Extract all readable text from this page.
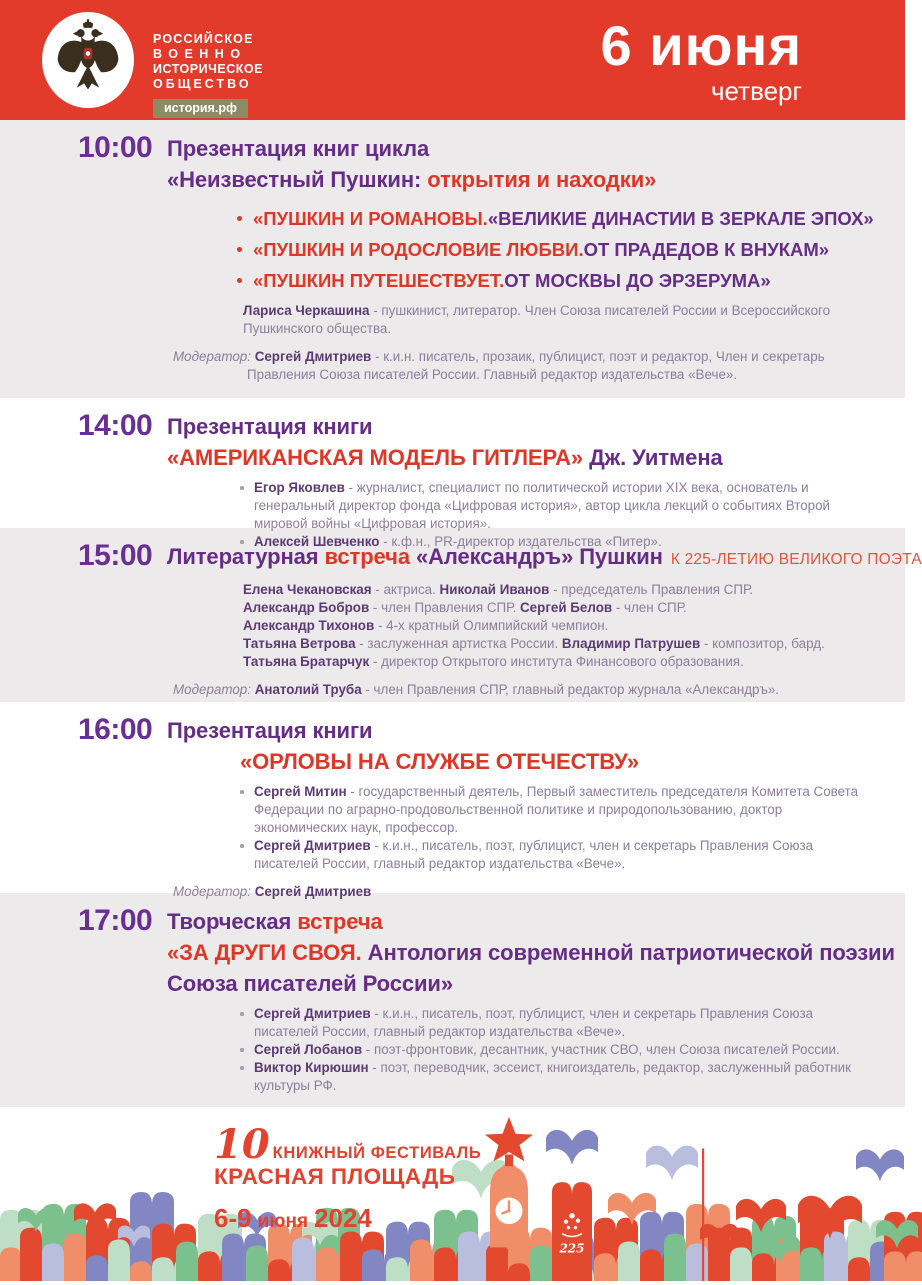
РОССИЙСКОЕ
ВОЕННО
ИСТОРИЧЕСКОЕ
ОБЩЕСТВО
история.рф
6 июня
четверг
10:00 Презентация книг цикла
«Неизвестный Пушкин: открытия и находки»
«ПУШКИН И РОМАНОВЫ. «ВЕЛИКИЕ ДИНАСТИИ В ЗЕРКАЛЕ ЭПОХ»
«ПУШКИН И РОДОСЛОВИЕ ЛЮБВИ. ОТ ПРАДЕДОВ К ВНУКАМ»
«ПУШКИН ПУТЕШЕСТВУЕТ. ОТ МОСКВЫ ДО ЭРЗЕРУМА»
Лариса Черкашина - пушкинист, литератор. Член Союза писателей России и Всероссийского Пушкинского общества.
Модератор: Сергей Дмитриев - к.и.н. писатель, прозаик, публицист, поэт и редактор, Член и секретарь Правления Союза писателей России. Главный редактор издательства «Вече».
14:00 Презентация книги
«АМЕРИКАНСКАЯ МОДЕЛЬ ГИТЛЕРА» Дж. Уитмена
Егор Яковлев - журналист, специалист по политической истории XIX века, основатель и генеральный директор фонда «Цифровая история», автор цикла лекций о событиях Второй мировой войны «Цифровая история».
Алексей Шевченко - к.ф.н., PR-директор издательства «Питер».
15:00 Литературная встреча «Александръ» Пушкин К 225-ЛЕТИЮ ВЕЛИКОГО ПОЭТА
Елена Чекановская - актриса. Николай Иванов - председатель Правления СПР.
Александр Бобров - член Правления СПР. Сергей Белов - член СПР.
Александр Тихонов - 4-х кратный Олимпийский чемпион.
Татьяна Ветрова - заслуженная артистка России. Владимир Патрушев - композитор, бард.
Татьяна Братарчук - директор Открытого института Финансового образования.
Модератор: Анатолий Труба - член Правления СПР, главный редактор журнала «Александръ».
16:00 Презентация книги
«ОРЛОВЫ НА СЛУЖБЕ ОТЕЧЕСТВУ»
Сергей Митин - государственный деятель, Первый заместитель председателя Комитета Совета Федерации по аграрно-продовольственной политике и природопользованию, доктор экономических наук, профессор.
Сергей Дмитриев - к.и.н., писатель, поэт, публицист, член и секретарь Правления Союза писателей России, главный редактор издательства «Вече».
Модератор: Сергей Дмитриев
17:00 Творческая встреча
«ЗА ДРУГИ СВОЯ. Антология современной патриотической поэзии
Союза писателей России»
Сергей Дмитриев - к.и.н., писатель, поэт, публицист, член и секретарь Правления Союза писателей России, главный редактор издательства «Вече».
Сергей Лобанов - поэт-фронтовик, десантник, участник СВО, член Союза писателей России.
Виктор Кирюшин - поэт, переводчик, эссеист, книгоиздатель, редактор, заслуженный работник культуры РФ.
10 КНИЖНЫЙ ФЕСТИВАЛЬ
КРАСНАЯ ПЛОЩАДЬ
6-9 июня 2024
225
